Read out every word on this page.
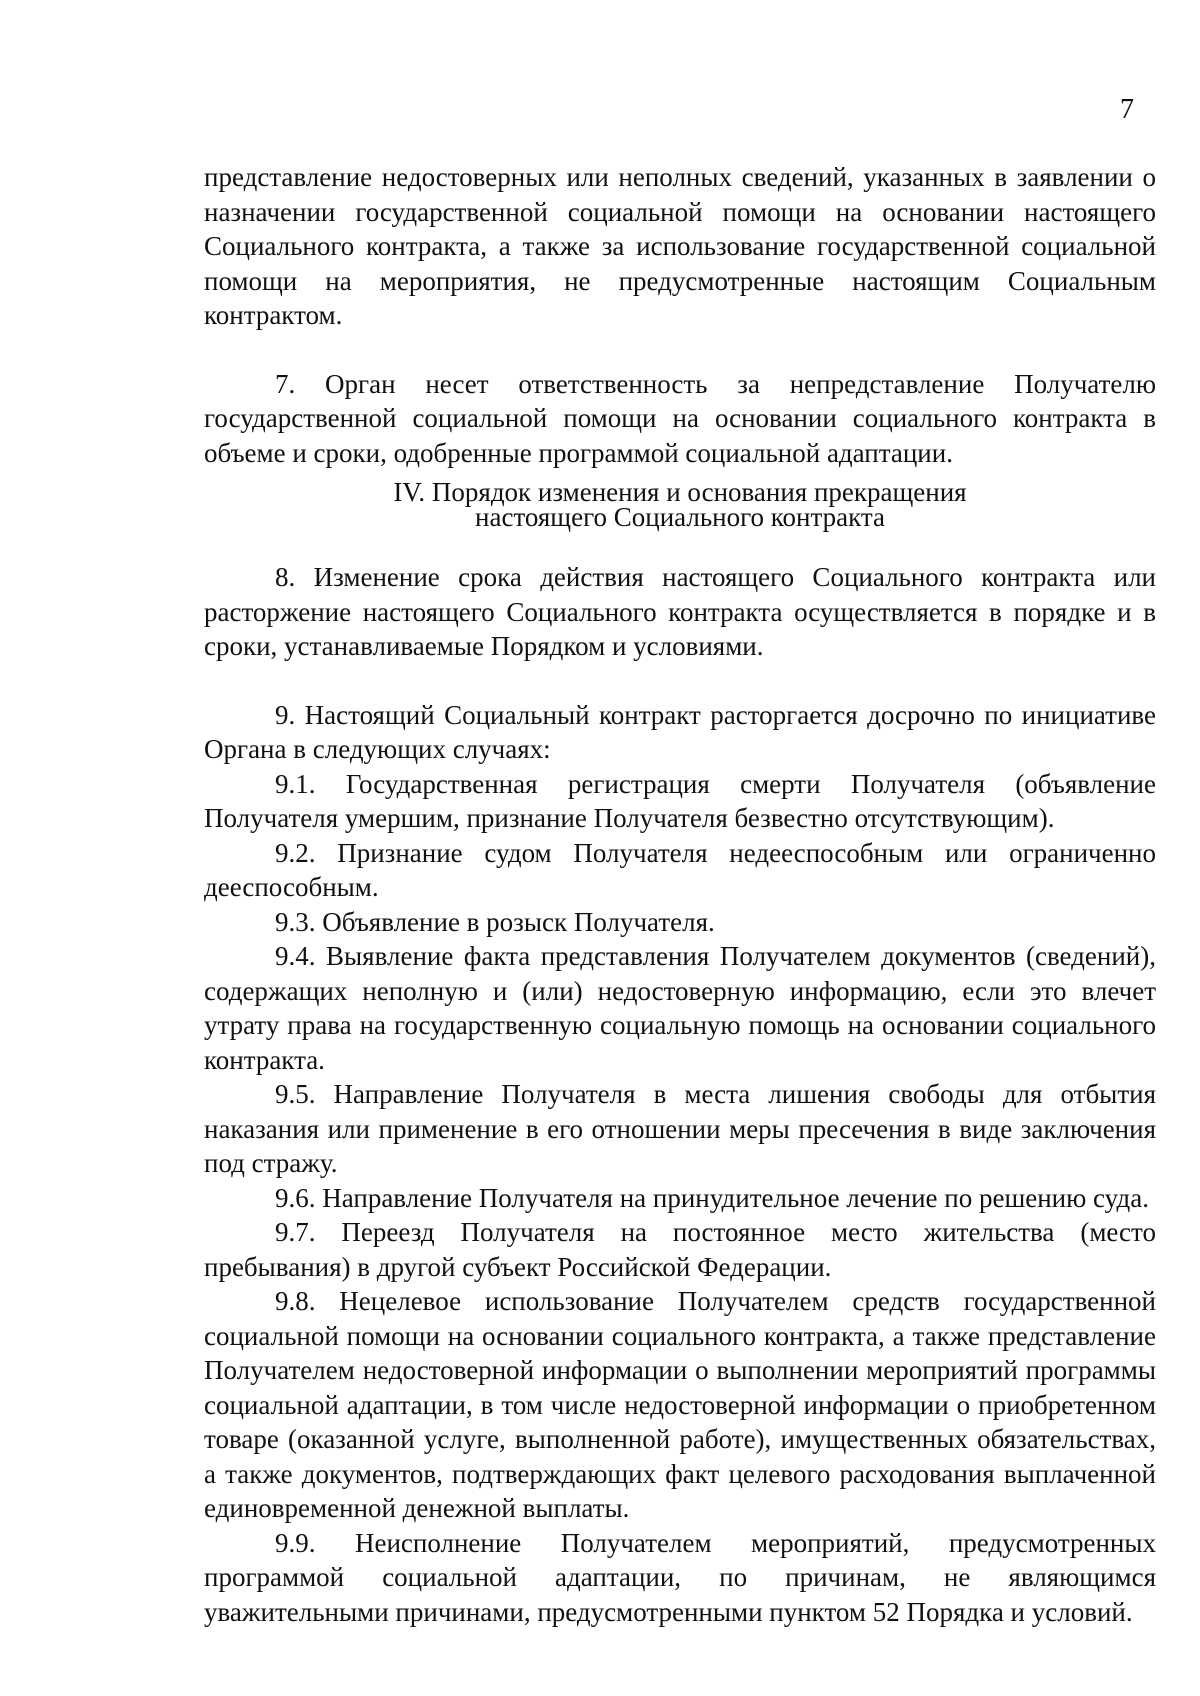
7

представление недостоверных или неполных сведений, указанных в заявлении о назначении государственной социальной помощи на основании настоящего Социального контракта, а также за использование государственной социальной помощи на мероприятия, не предусмотренные настоящим Социальным контрактом.

7. Орган несет ответственность за непредставление Получателю государственной социальной помощи на основании социального контракта в объеме и сроки, одобренные программой социальной адаптации.

IV. Порядок изменения и основания прекращения
настоящего Социального контракта

8. Изменение срока действия настоящего Социального контракта или расторжение настоящего Социального контракта осуществляется в порядке и в сроки, устанавливаемые Порядком и условиями.

9. Настоящий Социальный контракт расторгается досрочно по инициативе Органа в следующих случаях:

9.1. Государственная регистрация смерти Получателя (объявление Получателя умершим, признание Получателя безвестно отсутствующим).

9.2. Признание судом Получателя недееспособным или ограниченно дееспособным.

9.3. Объявление в розыск Получателя.

9.4. Выявление факта представления Получателем документов (сведений), содержащих неполную и (или) недостоверную информацию, если это влечет утрату права на государственную социальную помощь на основании социального контракта.

9.5. Направление Получателя в места лишения свободы для отбытия наказания или применение в его отношении меры пресечения в виде заключения под стражу.

9.6. Направление Получателя на принудительное лечение по решению суда.

9.7. Переезд Получателя на постоянное место жительства (место пребывания) в другой субъект Российской Федерации.

9.8. Нецелевое использование Получателем средств государственной социальной помощи на основании социального контракта, а также представление Получателем недостоверной информации о выполнении мероприятий программы социальной адаптации, в том числе недостоверной информации о приобретенном товаре (оказанной услуге, выполненной работе), имущественных обязательствах, а также документов, подтверждающих факт целевого расходования выплаченной единовременной денежной выплаты.

9.9. Неисполнение Получателем мероприятий, предусмотренных программой социальной адаптации, по причинам, не являющимся уважительными причинами, предусмотренными пунктом 52 Порядка и условий.
